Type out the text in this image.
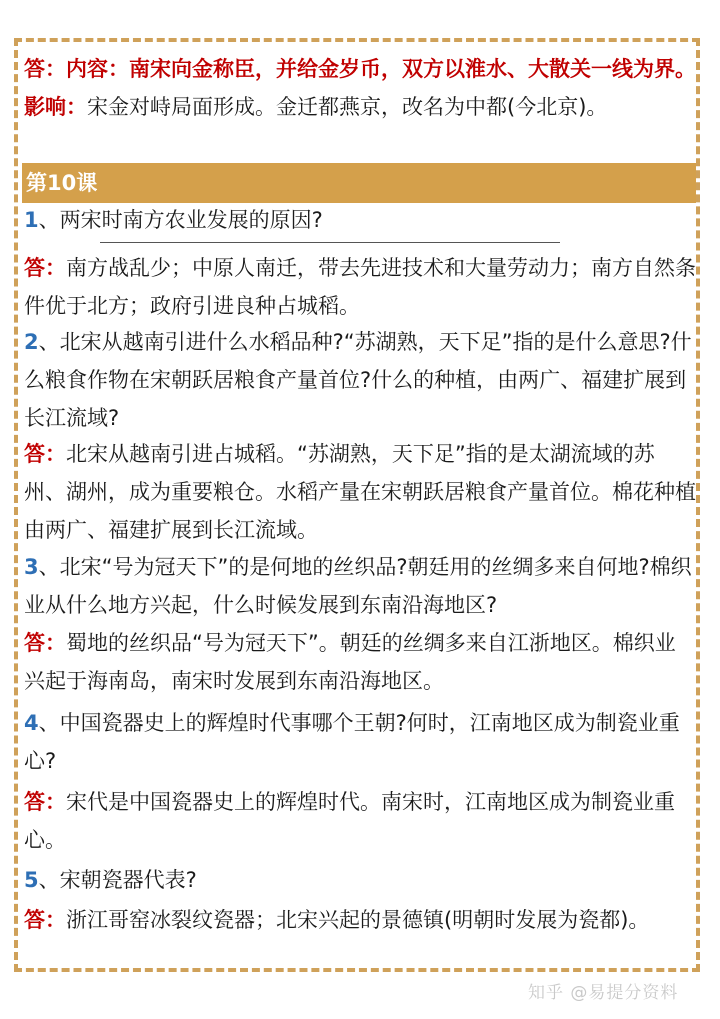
答：内容：南宋向金称臣，并给金岁币，双方以淮水、大散关一线为界。影响：宋金对峙局面形成。金迁都燕京，改名为中都(今北京)。
第10课
1、两宋时南方农业发展的原因?
答：南方战乱少；中原人南迁，带去先进技术和大量劳动力；南方自然条件优于北方；政府引进良种占城稻。
2、北宋从越南引进什么水稻品种?“苏湖熟，天下足”指的是什么意思?什么粮食作物在宋朝跃居粮食产量首位?什么的种植，由两广、福建扩展到长江流域?
答：北宋从越南引进占城稻。“苏湖熟，天下足”指的是太湖流域的苏州、湖州，成为重要粮仓。水稻产量在宋朝跃居粮食产量首位。棉花种植由两广、福建扩展到长江流域。
3、北宋“号为冠天下”的是何地的丝织品?朝廷用的丝绸多来自何地?棉织业从什么地方兴起，什么时候发展到东南沿海地区?
答：蜀地的丝织品“号为冠天下”。朝廷的丝绸多来自江浙地区。棉织业兴起于海南岛，南宋时发展到东南沿海地区。
4、中国瓷器史上的辉煌时代事哪个王朝?何时，江南地区成为制瓷业重心?
答：宋代是中国瓷器史上的辉煌时代。南宋时，江南地区成为制瓷业重心。
5、宋朝瓷器代表?
答：浙江哥窑冰裂纹瓷器；北宋兴起的景德镇(明朝时发展为瓷都)。
知乎 @易提分资料
